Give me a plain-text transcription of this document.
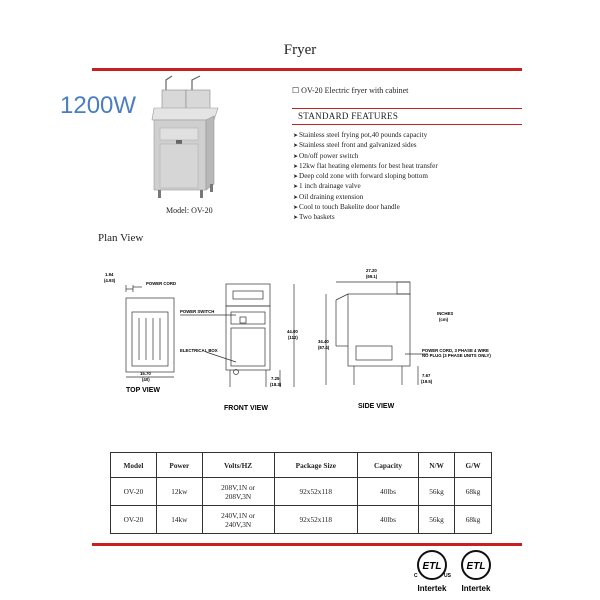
Fryer
1200W
Model: OV-20
☐ OV-20 Electric fryer with cabinet
STANDARD FEATURES
➤ Stainless steel frying pot,40 pounds capacity
➤ Stainless steel front and galvanized sides
➤ On/off power switch
➤ 12kw flat heating elements for best heat transfer
➤ Deep cold zone with forward sloping bottom
➤ 1 inch drainage valve
➤ Oil draining extension
➤ Cool to touch Bakelite door handle
➤ Two baskets
Plan View
1.94
(4.93)
POWER CORD
15.70
(40)
TOP VIEW
POWER SWITCH
ELECTRICAL BOX
44.00
(112)
7.25
(18.3)
FRONT VIEW
27.20
(69.1)
34.40
(87.4)
INCHES
(cm)
POWER CORD, 3 PHASE 4 WIRE
NO PLUG (3 PHASE UNITS ONLY)
7.67
(19.5)
SIDE VIEW
Model	Power	Volts/HZ	Package Size	Capacity	N/W	G/W
OV-20	12kw	208V,1N or
208V,3N	92x52x118	40lbs	56kg	68kg
OV-20	14kw	240V,1N or
240V,3N	92x52x118	40lbs	56kg	68kg
ETL
C	US
Intertek
ETL
Intertek
